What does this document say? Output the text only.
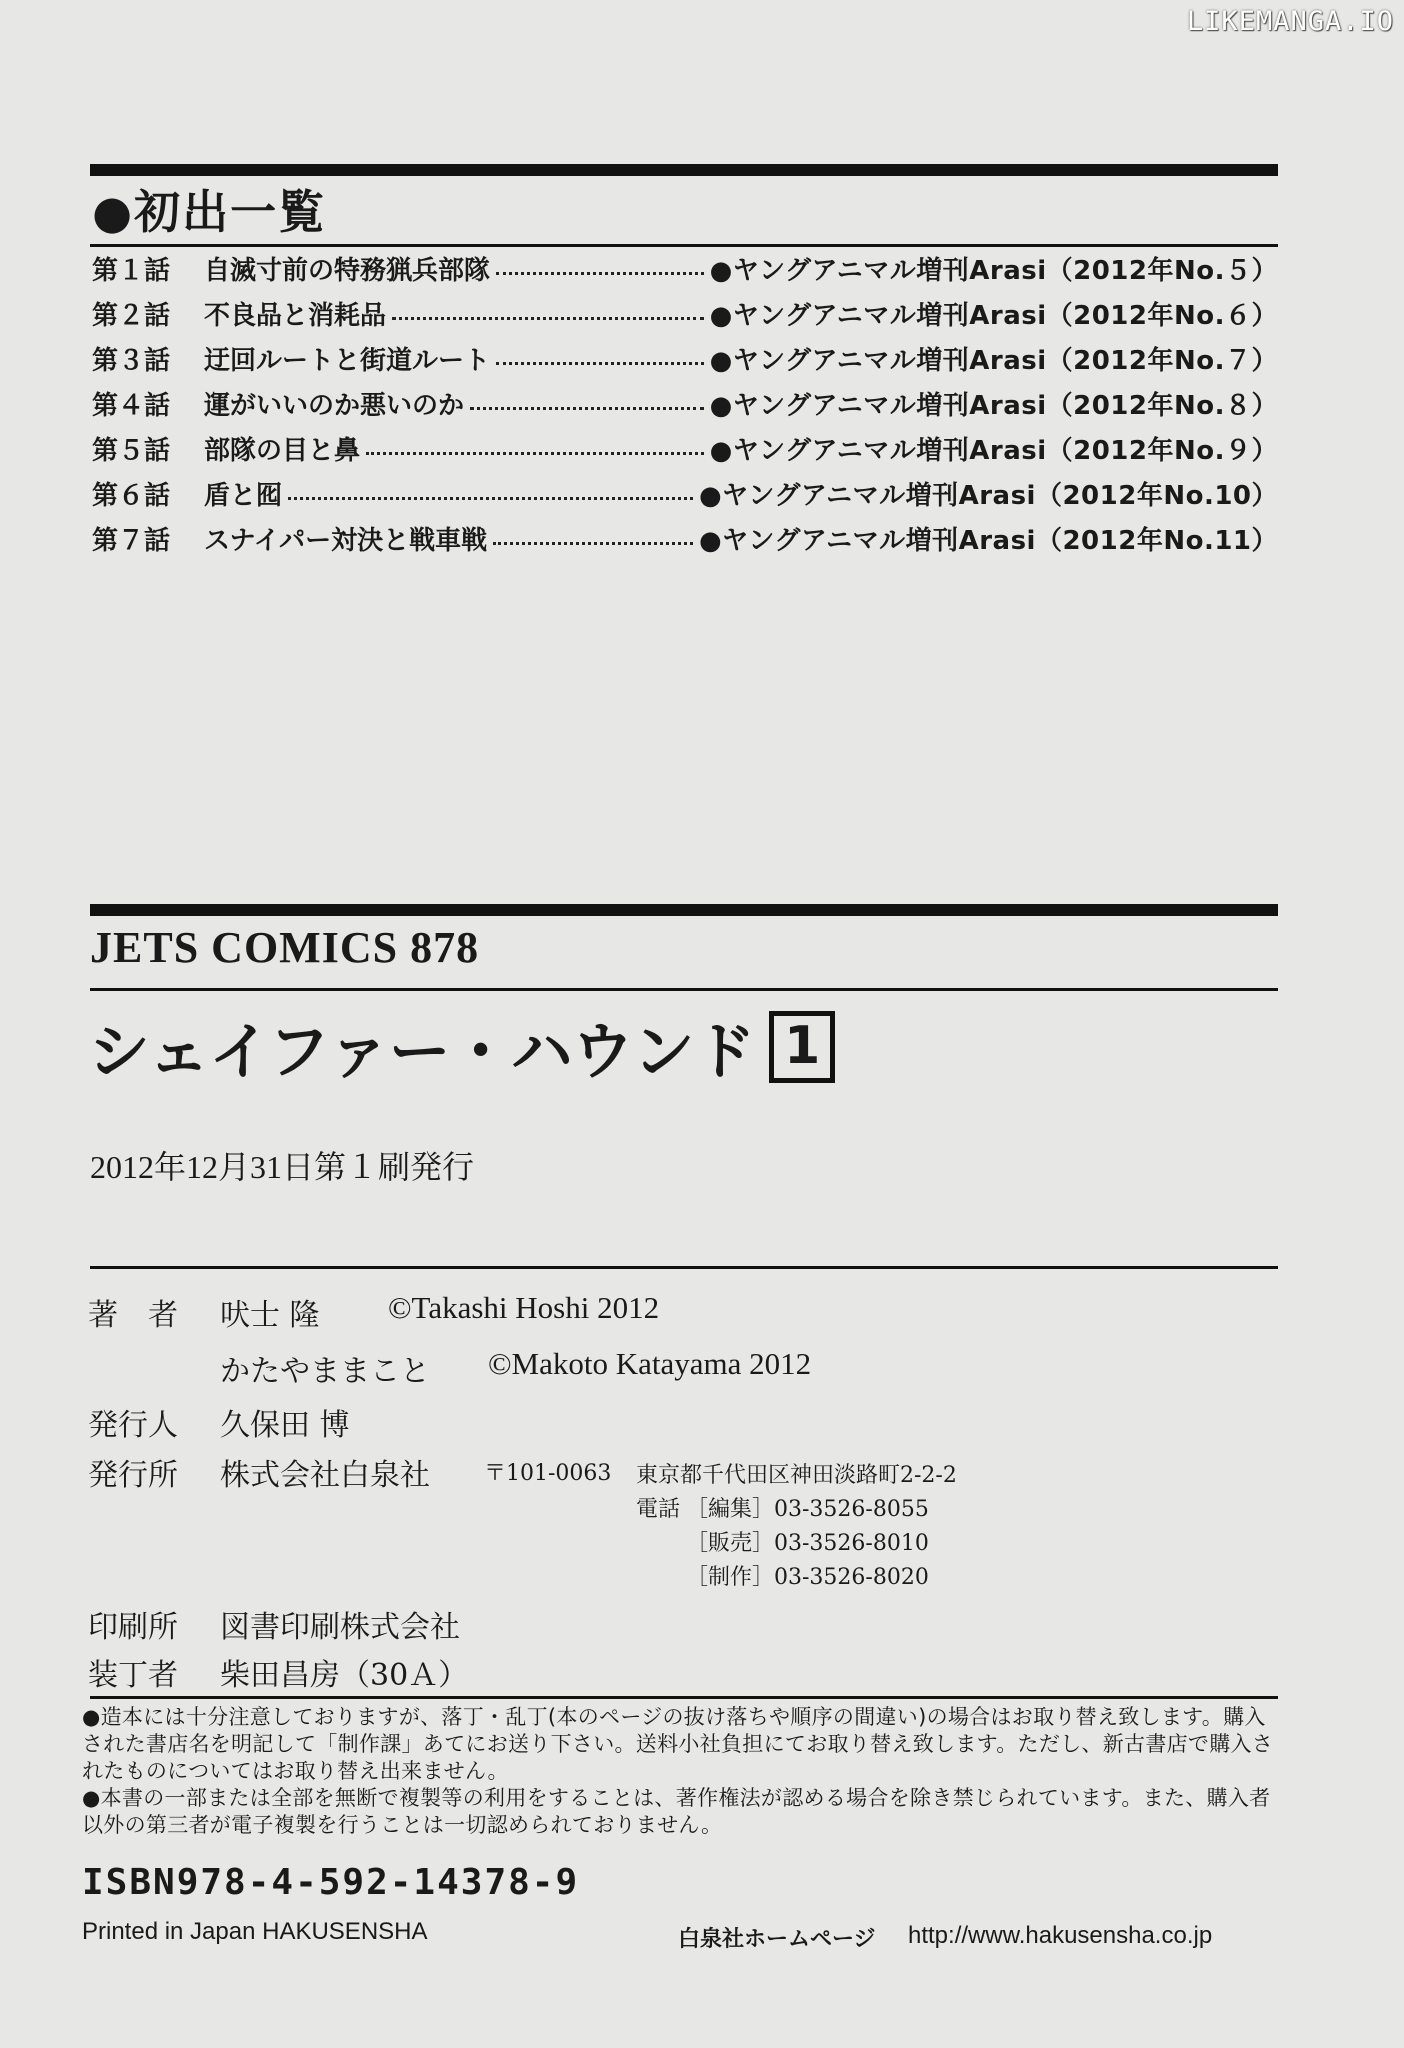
LIKEMANGA.IO
●初出一覧
第１話	自滅寸前の特務猟兵部隊	●ヤングアニマル増刊Arasi（2012年No.５）
第２話	不良品と消耗品	●ヤングアニマル増刊Arasi（2012年No.６）
第３話	迂回ルートと街道ルート	●ヤングアニマル増刊Arasi（2012年No.７）
第４話	運がいいのか悪いのか	●ヤングアニマル増刊Arasi（2012年No.８）
第５話	部隊の目と鼻	●ヤングアニマル増刊Arasi（2012年No.９）
第６話	盾と囮	●ヤングアニマル増刊Arasi（2012年No.10）
第７話	スナイパー対決と戦車戦	●ヤングアニマル増刊Arasi（2012年No.11）
JETS COMICS 878
シェイファー・ハウンド 1
2012年12月31日第１刷発行
著　者 吠士 隆 ©Takashi Hoshi 2012
かたやままこと ©Makoto Katayama 2012
発行人 久保田 博
発行所 株式会社白泉社 〒101-0063 東京都千代田区神田淡路町2-2-2
電話 ［編集］03-3526-8055
［販売］03-3526-8010
［制作］03-3526-8020
印刷所 図書印刷株式会社
装丁者 柴田昌房（30Ａ）

●造本には十分注意しておりますが、落丁・乱丁(本のページの抜け落ちや順序の間違い)の場合はお取り替え致します。購入された書店名を明記して「制作課」あてにお送り下さい。送料小社負担にてお取り替え致します。ただし、新古書店で購入されたものについてはお取り替え出来ません。

●本書の一部または全部を無断で複製等の利用をすることは、著作権法が認める場合を除き禁じられています。また、購入者以外の第三者が電子複製を行うことは一切認められておりません。

ISBN978-4-592-14378-9
Printed in Japan HAKUSENSHA	白泉社ホームページ http://www.hakusensha.co.jp
